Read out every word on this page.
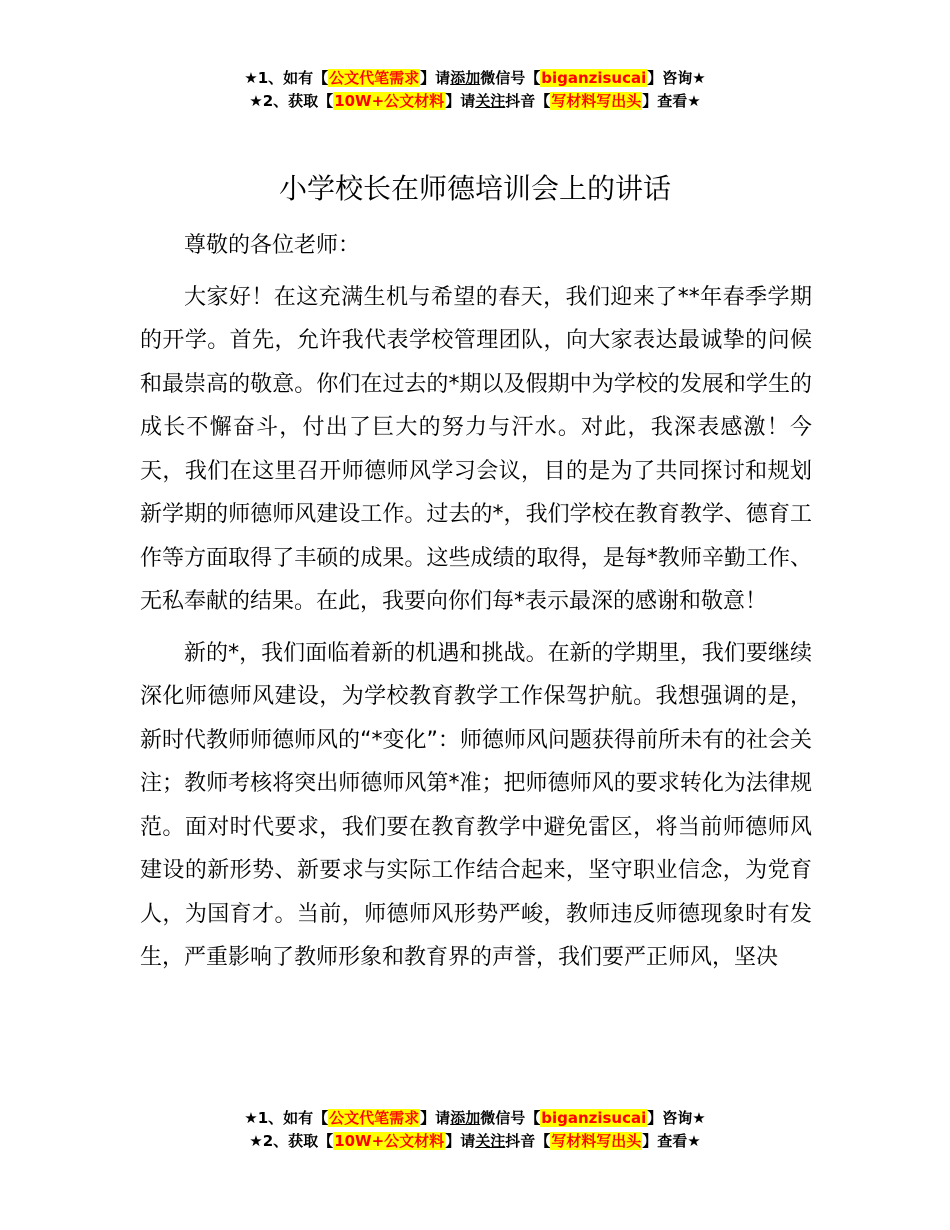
★1、如有【公文代笔需求】请添加微信号【biganzisucai】咨询★
★2、获取【10W+公文材料】请关注抖音【写材料写出头】查看★
小学校长在师德培训会上的讲话

尊敬的各位老师：

大家好！在这充满生机与希望的春天，我们迎来了**年春季学期的开学。首先，允许我代表学校管理团队，向大家表达最诚挚的问候和最崇高的敬意。你们在过去的*期以及假期中为学校的发展和学生的成长不懈奋斗，付出了巨大的努力与汗水。对此，我深表感激！今天，我们在这里召开师德师风学习会议，目的是为了共同探讨和规划新学期的师德师风建设工作。过去的*，我们学校在教育教学、德育工作等方面取得了丰硕的成果。这些成绩的取得，是每*教师辛勤工作、无私奉献的结果。在此，我要向你们每*表示最深的感谢和敬意！

新的*，我们面临着新的机遇和挑战。在新的学期里，我们要继续深化师德师风建设，为学校教育教学工作保驾护航。我想强调的是，新时代教师师德师风的“*变化”：师德师风问题获得前所未有的社会关注；教师考核将突出师德师风第*准；把师德师风的要求转化为法律规范。面对时代要求，我们要在教育教学中避免雷区，将当前师德师风建设的新形势、新要求与实际工作结合起来，坚守职业信念，为党育人，为国育才。当前，师德师风形势严峻，教师违反师德现象时有发生，严重影响了教师形象和教育界的声誉，我们要严正师风，坚决

★1、如有【公文代笔需求】请添加微信号【biganzisucai】咨询★
★2、获取【10W+公文材料】请关注抖音【写材料写出头】查看★
